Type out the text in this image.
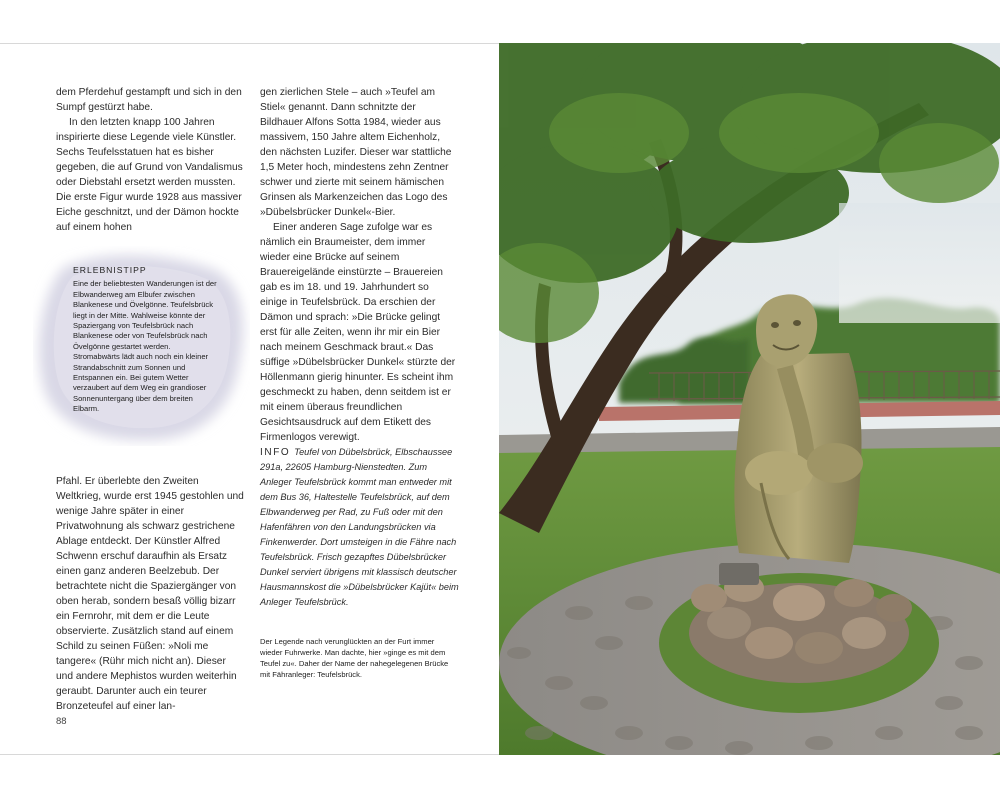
dem Pferdehuf gestampft und sich in den Sumpf gestürzt habe.

In den letzten knapp 100 Jahren inspirierte diese Legende viele Künstler. Sechs Teufelsstatuen hat es bisher gegeben, die auf Grund von Vandalismus oder Diebstahl ersetzt werden mussten. Die erste Figur wurde 1928 aus massiver Eiche geschnitzt, und der Dämon hockte auf einem hohen

ERLEBNISTIPP

Eine der beliebtesten Wanderungen ist der Elbwanderweg am Elbufer zwischen Blankenese und Övelgönne. Teufelsbrück liegt in der Mitte. Wahlweise könnte der Spaziergang von Teufelsbrück nach Blankenese oder von Teufelsbrück nach Övelgönne gestartet werden. Stromabwärts lädt auch noch ein kleiner Strandabschnitt zum Sonnen und Entspannen ein. Bei gutem Wetter verzaubert auf dem Weg ein grandioser Sonnenuntergang über dem breiten Elbarm.

Pfahl. Er überlebte den Zweiten Weltkrieg, wurde erst 1945 gestohlen und wenige Jahre später in einer Privatwohnung als schwarz gestrichene Ablage entdeckt. Der Künstler Alfred Schwenn erschuf daraufhin als Ersatz einen ganz anderen Beelzebub. Der betrachtete nicht die Spaziergänger von oben herab, sondern besaß völlig bizarr ein Fernrohr, mit dem er die Leute observierte. Zusätzlich stand auf einem Schild zu seinen Füßen: »Noli me tangere« (Rühr mich nicht an). Dieser und andere Mephistos wurden weiterhin geraubt. Darunter auch ein teurer Bronzeteufel auf einer lan-

gen zierlichen Stele – auch »Teufel am Stiel« genannt. Dann schnitzte der Bildhauer Alfons Sotta 1984, wieder aus massivem, 150 Jahre altem Eichenholz, den nächsten Luzifer. Dieser war stattliche 1,5 Meter hoch, mindestens zehn Zentner schwer und zierte mit seinem hämischen Grinsen als Markenzeichen das Logo des »Dübelsbrücker Dunkel«-Bier.

Einer anderen Sage zufolge war es nämlich ein Braumeister, dem immer wieder eine Brücke auf seinem Brauereigelände einstürzte – Brauereien gab es im 18. und 19. Jahrhundert so einige in Teufelsbrück. Da erschien der Dämon und sprach: »Die Brücke gelingt erst für alle Zeiten, wenn ihr mir ein Bier nach meinem Geschmack braut.« Das süffige »Dübelsbrücker Dunkel« stürzte der Höllenmann gierig hinunter. Es scheint ihm geschmeckt zu haben, denn seitdem ist er mit einem überaus freundlichen Gesichtsausdruck auf dem Etikett des Firmenlogos verewigt.

INFO Teufel von Dübelsbrück, Elbschaussee 291a, 22605 Hamburg-Nienstedten. Zum Anleger Teufelsbrück kommt man entweder mit dem Bus 36, Haltestelle Teufelsbrück, auf dem Elbwanderweg per Rad, zu Fuß oder mit den Hafenfähren von den Landungsbrücken via Finkenwerder. Dort umsteigen in die Fähre nach Teufelsbrück. Frisch gezapftes Dübelsbrücker Dunkel serviert übrigens mit klassisch deutscher Hausmannskost die »Dübelsbrücker Kajüt« beim Anleger Teufelsbrück.
Der Legende nach verunglückten an der Furt immer wieder Fuhrwerke. Man dachte, hier »ginge es mit dem Teufel zu«. Daher der Name der nahegelegenen Brücke mit Fähranleger: Teufelsbrück.
88
